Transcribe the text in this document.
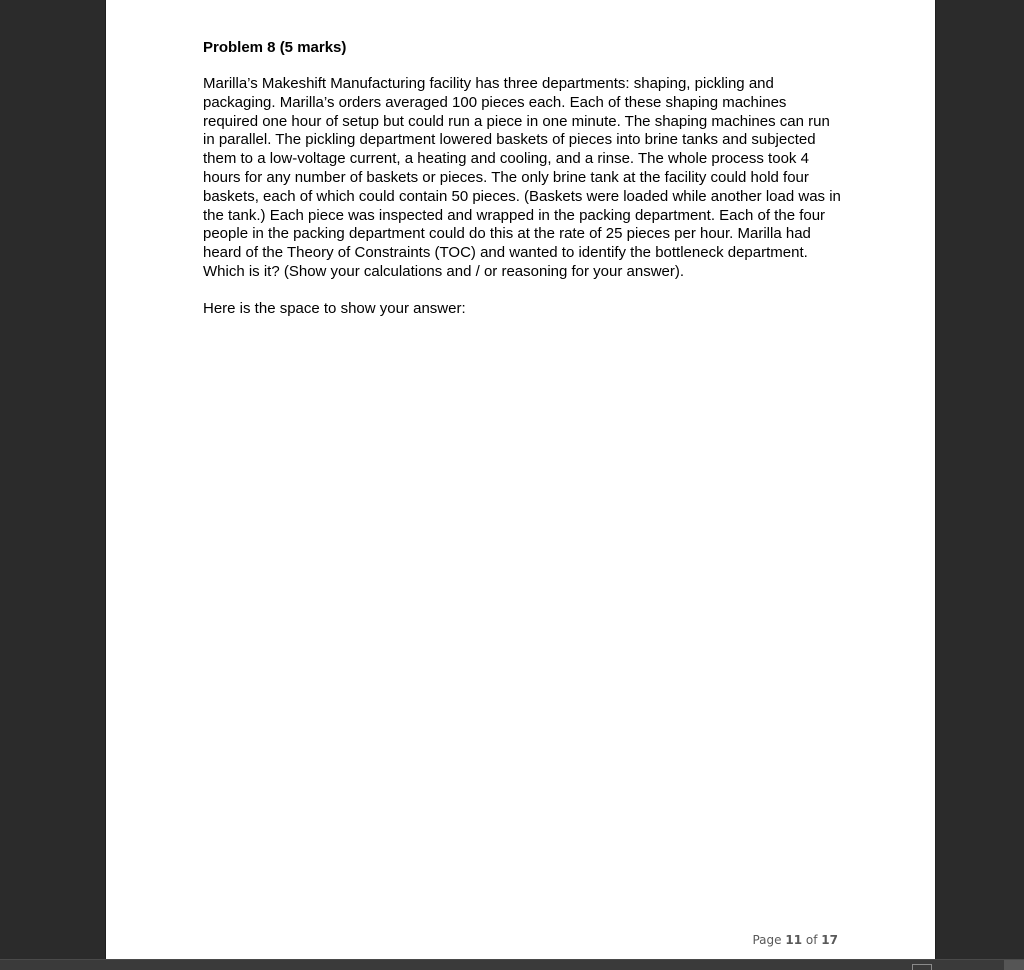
Problem 8 (5 marks)
Marilla’s Makeshift Manufacturing facility has three departments: shaping, pickling and packaging. Marilla’s orders averaged 100 pieces each. Each of these shaping machines required one hour of setup but could run a piece in one minute. The shaping machines can run in parallel. The pickling department lowered baskets of pieces into brine tanks and subjected them to a low-voltage current, a heating and cooling, and a rinse. The whole process took 4 hours for any number of baskets or pieces. The only brine tank at the facility could hold four baskets, each of which could contain 50 pieces. (Baskets were loaded while another load was in the tank.) Each piece was inspected and wrapped in the packing department. Each of the four people in the packing department could do this at the rate of 25 pieces per hour. Marilla had heard of the Theory of Constraints (TOC) and wanted to identify the bottleneck department. Which is it? (Show your calculations and / or reasoning for your answer).
Here is the space to show your answer:
Page 11 of 17
